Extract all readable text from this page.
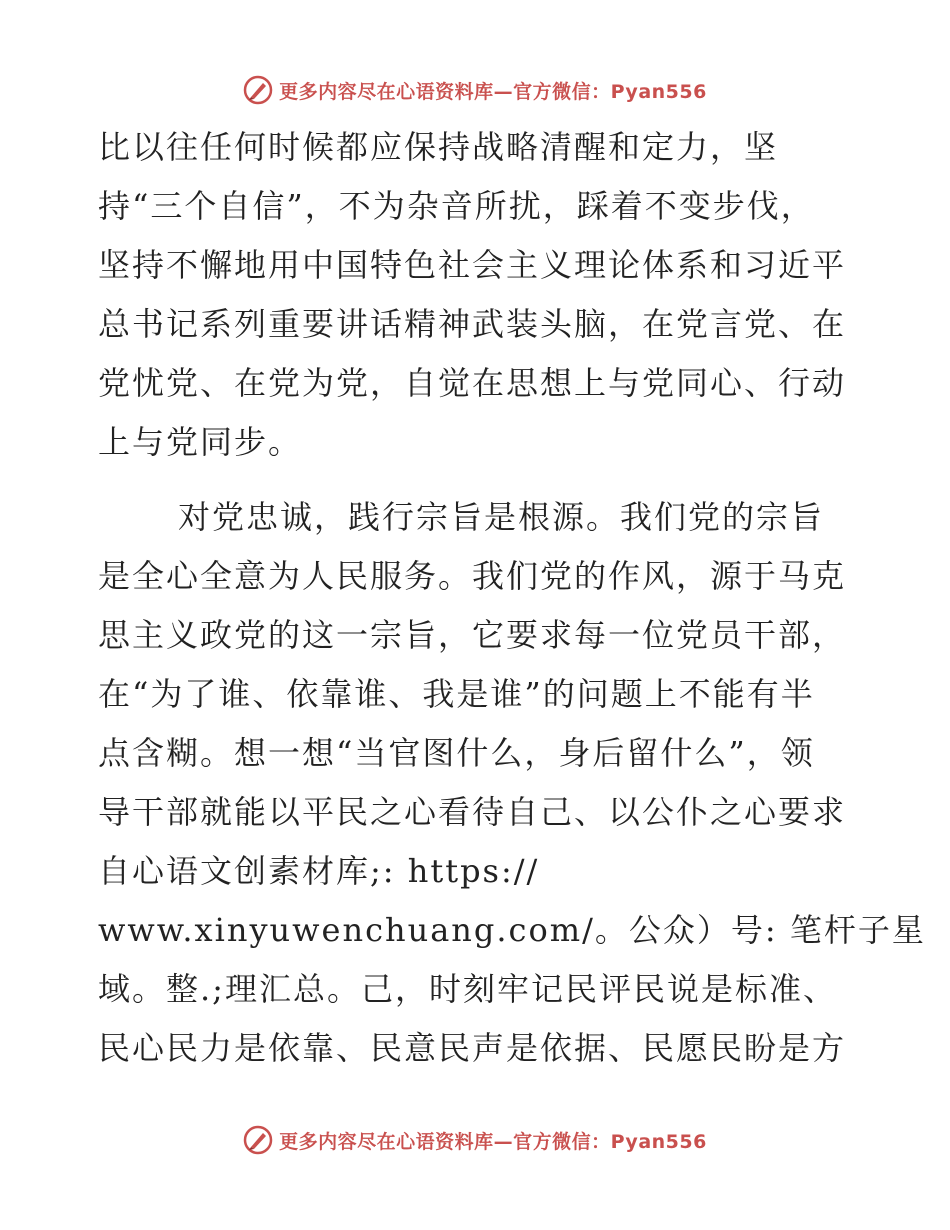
更多内容尽在心语资料库—官方微信：Pyan556

比以往任何时候都应保持战略清醒和定力，坚
持“三个自信”，不为杂音所扰，踩着不变步伐，
坚持不懈地用中国特色社会主义理论体系和习近平
总书记系列重要讲话精神武装头脑，在党言党、在
党忧党、在党为党，自觉在思想上与党同心、行动
上与党同步。

对党忠诚，践行宗旨是根源。我们党的宗旨
是全心全意为人民服务。我们党的作风，源于马克
思主义政党的这一宗旨，它要求每一位党员干部，
在“为了谁、依靠谁、我是谁”的问题上不能有半
点含糊。想一想“当官图什么，身后留什么”，领
导干部就能以平民之心看待自己、以公仆之心要求
自心语文创素材库;: https://
www.xinyuwenchuang.com/。公众）号: 笔杆子星
域。整.;理汇总。己，时刻牢记民评民说是标准、
民心民力是依靠、民意民声是依据、民愿民盼是方

更多内容尽在心语资料库—官方微信：Pyan556
